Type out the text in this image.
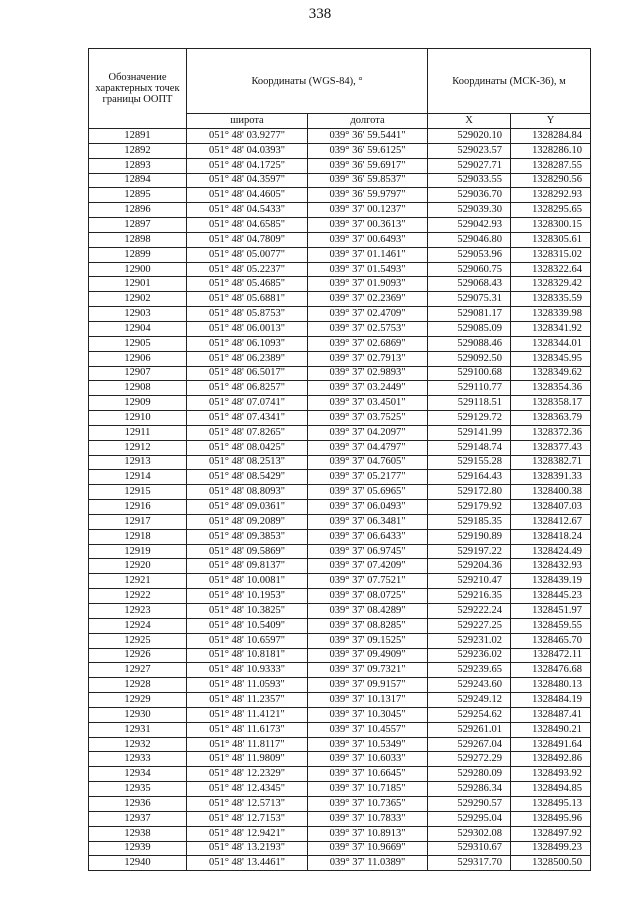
338
Обозначение характерных точек границы ООПТ	Координаты (WGS-84), °		Координаты (МСК-36), м	
	широта	долгота	X	Y
12891	051° 48' 03.9277"	039° 36' 59.5441"	529020.10	1328284.84
12892	051° 48' 04.0393"	039° 36' 59.6125"	529023.57	1328286.10
12893	051° 48' 04.1725"	039° 36' 59.6917"	529027.71	1328287.55
12894	051° 48' 04.3597"	039° 36' 59.8537"	529033.55	1328290.56
12895	051° 48' 04.4605"	039° 36' 59.9797"	529036.70	1328292.93
12896	051° 48' 04.5433"	039° 37' 00.1237"	529039.30	1328295.65
12897	051° 48' 04.6585"	039° 37' 00.3613"	529042.93	1328300.15
12898	051° 48' 04.7809"	039° 37' 00.6493"	529046.80	1328305.61
12899	051° 48' 05.0077"	039° 37' 01.1461"	529053.96	1328315.02
12900	051° 48' 05.2237"	039° 37' 01.5493"	529060.75	1328322.64
12901	051° 48' 05.4685"	039° 37' 01.9093"	529068.43	1328329.42
12902	051° 48' 05.6881"	039° 37' 02.2369"	529075.31	1328335.59
12903	051° 48' 05.8753"	039° 37' 02.4709"	529081.17	1328339.98
12904	051° 48' 06.0013"	039° 37' 02.5753"	529085.09	1328341.92
12905	051° 48' 06.1093"	039° 37' 02.6869"	529088.46	1328344.01
12906	051° 48' 06.2389"	039° 37' 02.7913"	529092.50	1328345.95
12907	051° 48' 06.5017"	039° 37' 02.9893"	529100.68	1328349.62
12908	051° 48' 06.8257"	039° 37' 03.2449"	529110.77	1328354.36
12909	051° 48' 07.0741"	039° 37' 03.4501"	529118.51	1328358.17
12910	051° 48' 07.4341"	039° 37' 03.7525"	529129.72	1328363.79
12911	051° 48' 07.8265"	039° 37' 04.2097"	529141.99	1328372.36
12912	051° 48' 08.0425"	039° 37' 04.4797"	529148.74	1328377.43
12913	051° 48' 08.2513"	039° 37' 04.7605"	529155.28	1328382.71
12914	051° 48' 08.5429"	039° 37' 05.2177"	529164.43	1328391.33
12915	051° 48' 08.8093"	039° 37' 05.6965"	529172.80	1328400.38
12916	051° 48' 09.0361"	039° 37' 06.0493"	529179.92	1328407.03
12917	051° 48' 09.2089"	039° 37' 06.3481"	529185.35	1328412.67
12918	051° 48' 09.3853"	039° 37' 06.6433"	529190.89	1328418.24
12919	051° 48' 09.5869"	039° 37' 06.9745"	529197.22	1328424.49
12920	051° 48' 09.8137"	039° 37' 07.4209"	529204.36	1328432.93
12921	051° 48' 10.0081"	039° 37' 07.7521"	529210.47	1328439.19
12922	051° 48' 10.1953"	039° 37' 08.0725"	529216.35	1328445.23
12923	051° 48' 10.3825"	039° 37' 08.4289"	529222.24	1328451.97
12924	051° 48' 10.5409"	039° 37' 08.8285"	529227.25	1328459.55
12925	051° 48' 10.6597"	039° 37' 09.1525"	529231.02	1328465.70
12926	051° 48' 10.8181"	039° 37' 09.4909"	529236.02	1328472.11
12927	051° 48' 10.9333"	039° 37' 09.7321"	529239.65	1328476.68
12928	051° 48' 11.0593"	039° 37' 09.9157"	529243.60	1328480.13
12929	051° 48' 11.2357"	039° 37' 10.1317"	529249.12	1328484.19
12930	051° 48' 11.4121"	039° 37' 10.3045"	529254.62	1328487.41
12931	051° 48' 11.6173"	039° 37' 10.4557"	529261.01	1328490.21
12932	051° 48' 11.8117"	039° 37' 10.5349"	529267.04	1328491.64
12933	051° 48' 11.9809"	039° 37' 10.6033"	529272.29	1328492.86
12934	051° 48' 12.2329"	039° 37' 10.6645"	529280.09	1328493.92
12935	051° 48' 12.4345"	039° 37' 10.7185"	529286.34	1328494.85
12936	051° 48' 12.5713"	039° 37' 10.7365"	529290.57	1328495.13
12937	051° 48' 12.7153"	039° 37' 10.7833"	529295.04	1328495.96
12938	051° 48' 12.9421"	039° 37' 10.8913"	529302.08	1328497.92
12939	051° 48' 13.2193"	039° 37' 10.9669"	529310.67	1328499.23
12940	051° 48' 13.4461"	039° 37' 11.0389"	529317.70	1328500.50
